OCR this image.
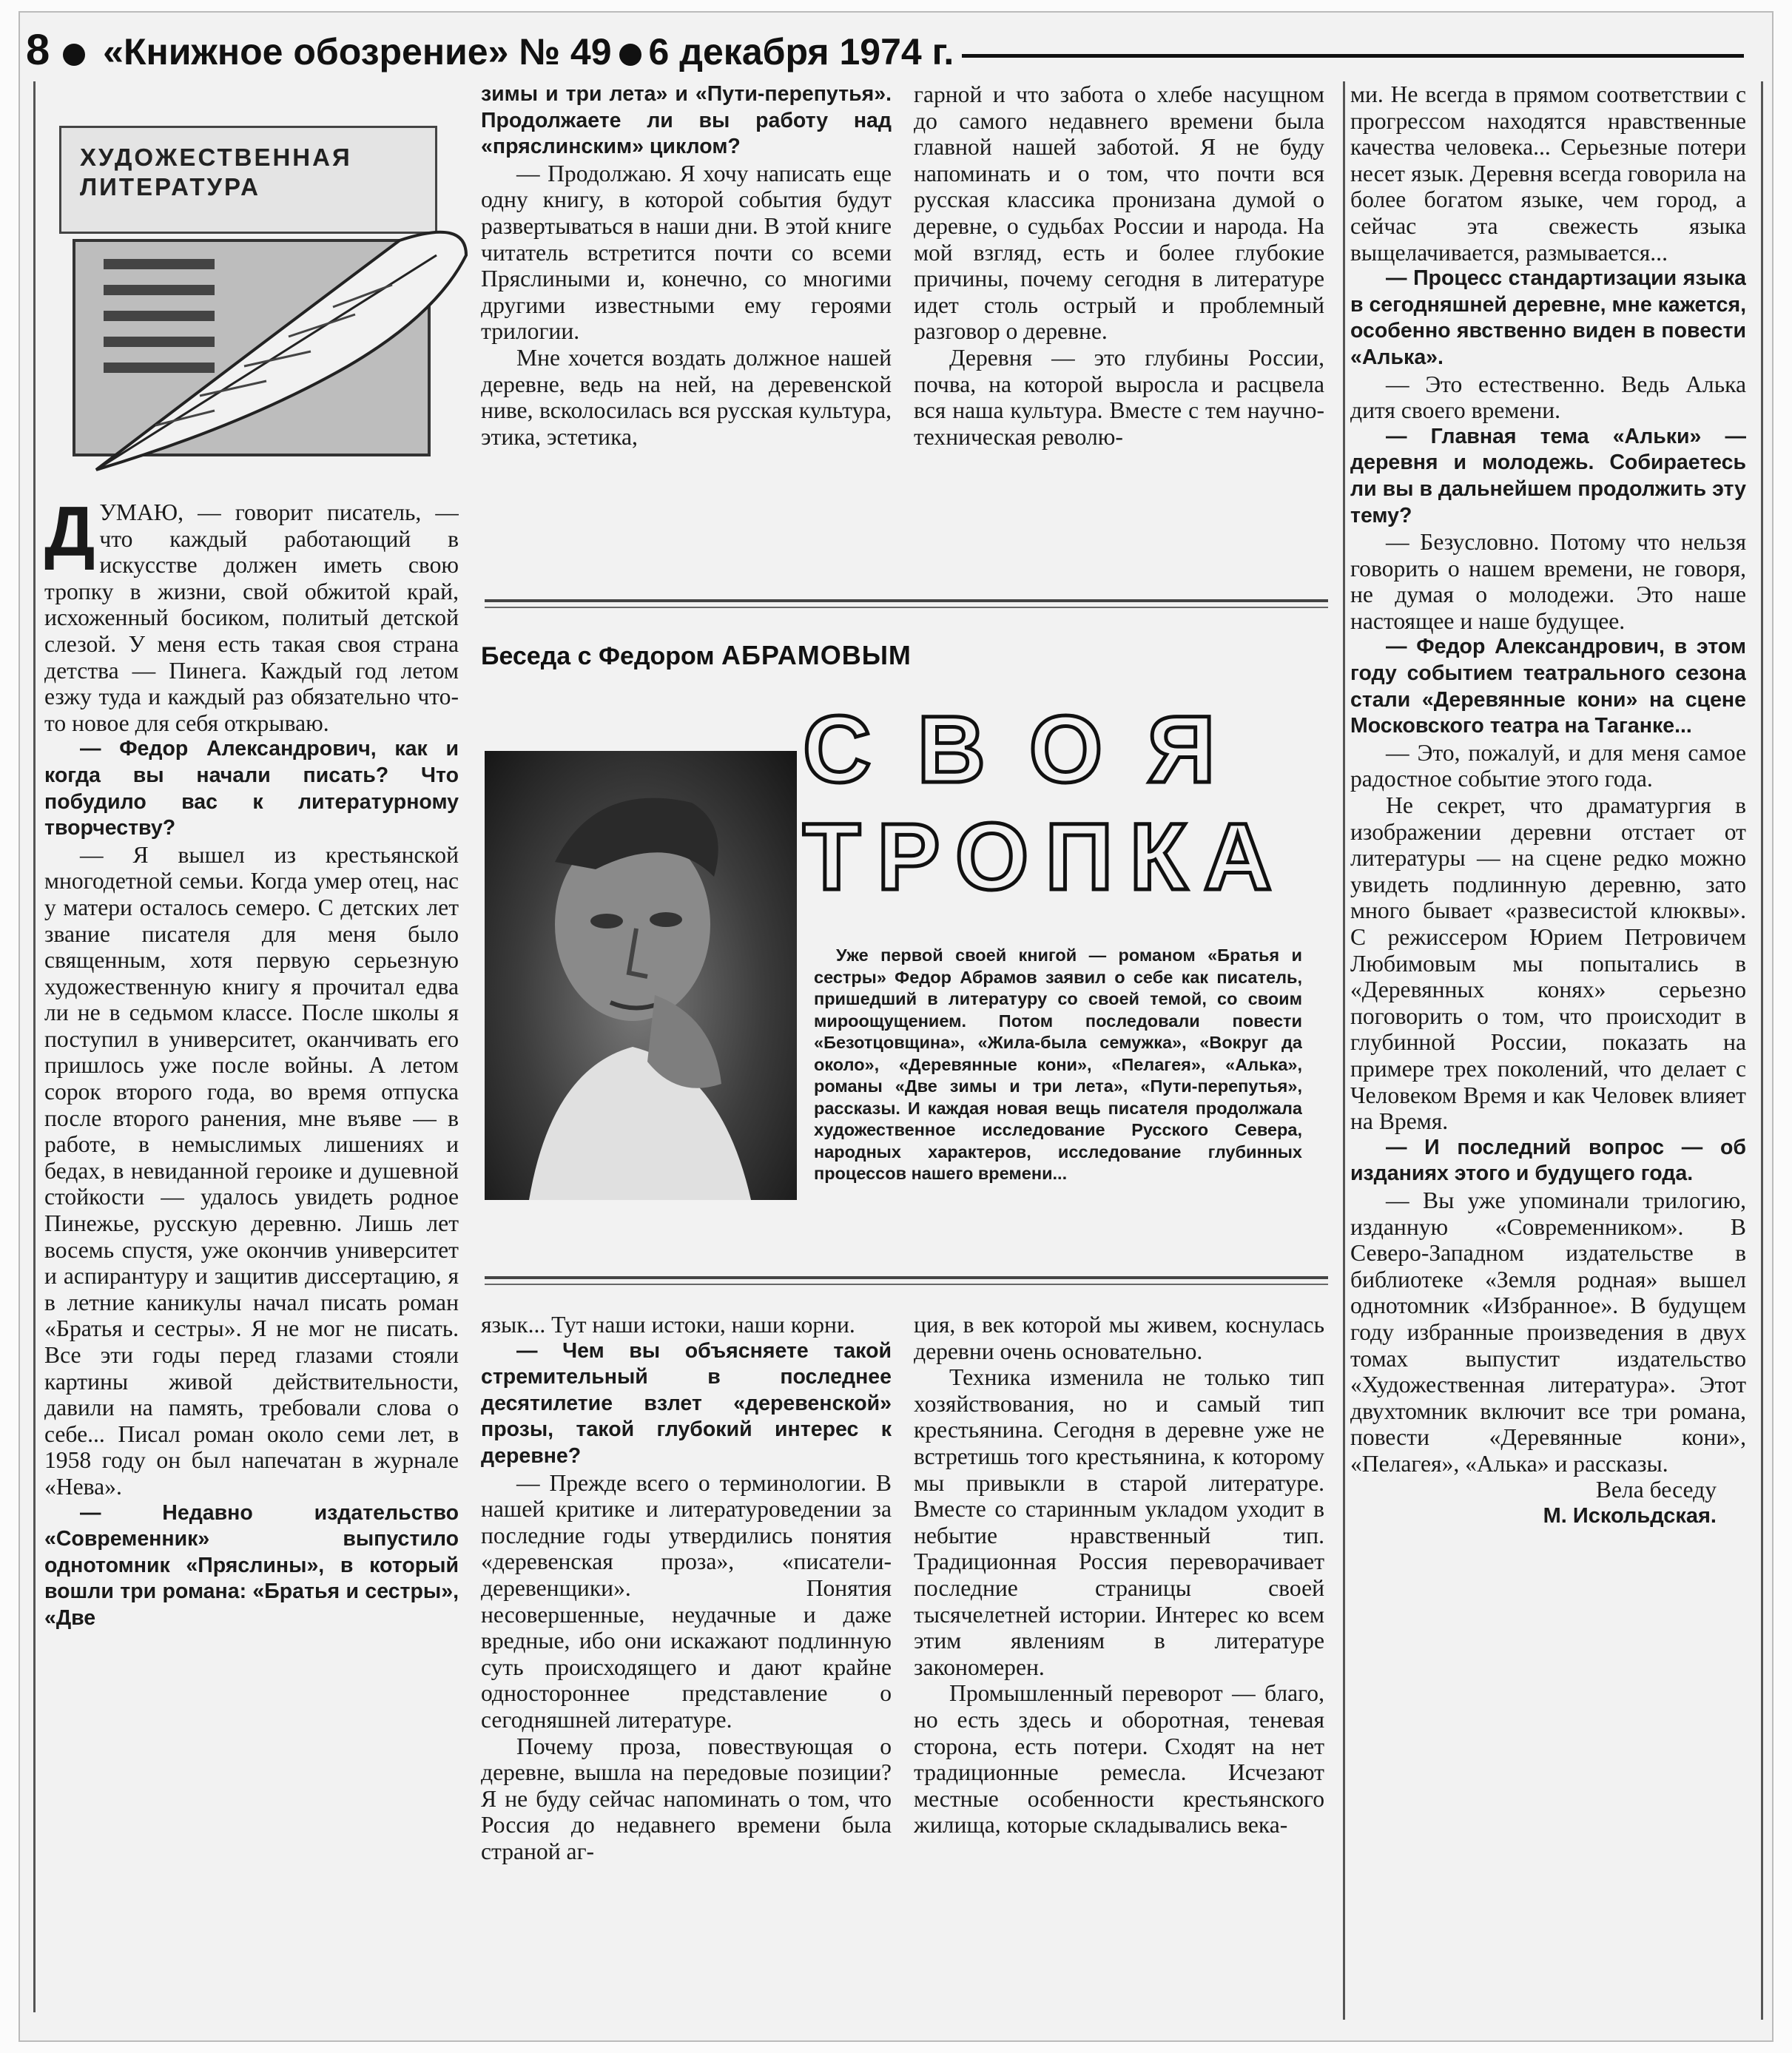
8 «Книжное обозрение» № 49 6 декабря 1974 г.
ХУДОЖЕСТВЕННАЯ ЛИТЕРАТУРА

ДУМАЮ, — говорит писатель, — что каждый работающий в искусстве должен иметь свою тропку в жизни, свой обжитой край, исхоженный босиком, политый детской слезой. У меня есть такая своя страна детства — Пинега. Каждый год летом езжу туда и каждый раз обязательно что-то новое для себя открываю.

— Федор Александрович, как и когда вы начали писать? Что побудило вас к литературному творчеству?

— Я вышел из крестьянской многодетной семьи. Когда умер отец, нас у матери осталось семеро. С детских лет звание писателя для меня было священным, хотя первую серьезную художественную книгу я прочитал едва ли не в седьмом классе. После школы я поступил в университет, оканчивать его пришлось уже после войны. А летом сорок второго года, во время отпуска после второго ранения, мне въяве — в работе, в немыслимых лишениях и бедах, в невиданной героике и душевной стойкости — удалось увидеть родное Пинежье, русскую деревню. Лишь лет восемь спустя, уже окончив университет и аспирантуру и защитив диссертацию, я в летние каникулы начал писать роман «Братья и сестры». Я не мог не писать. Все эти годы перед глазами стояли картины живой действительности, давили на память, требовали слова о себе... Писал роман около семи лет, в 1958 году он был напечатан в журнале «Нева».

— Недавно издательство «Современник» выпустило однотомник «Пряслины», в который вошли три романа: «Братья и сестры», «Две

зимы и три лета» и «Пути-перепутья». Продолжаете ли вы работу над «пряслинским» циклом?

— Продолжаю. Я хочу написать еще одну книгу, в которой события будут развертываться в наши дни. В этой книге читатель встретится почти со всеми Пряслиными и, конечно, со многими другими известными ему героями трилогии.

Мне хочется воздать должное нашей деревне, ведь на ней, на деревенской ниве, всколосилась вся русская культура, этика, эстетика,

гарной и что забота о хлебе насущном до самого недавнего времени была главной нашей заботой. Я не буду напоминать и о том, что почти вся русская классика пронизана думой о деревне, о судьбах России и народа. На мой взгляд, есть и более глубокие причины, почему сегодня в литературе идет столь острый и проблемный разговор о деревне.

Деревня — это глубины России, почва, на которой выросла и расцвела вся наша культура. Вместе с тем научно-техническая револю-

Беседа с Федором АБРАМОВЫМ
СВОЯ
ТРОПКА

Уже первой своей книгой — романом «Братья и сестры» Федор Абрамов заявил о себе как писатель, пришедший в литературу со своей темой, со своим мироощущением. Потом последовали повести «Безотцовщина», «Жила-была семужка», «Вокруг да около», «Деревянные кони», «Пелагея», «Алька», романы «Две зимы и три лета», «Пути-перепутья», рассказы. И каждая новая вещь писателя продолжала художественное исследование Русского Севера, народных характеров, исследование глубинных процессов нашего времени...

язык... Тут наши истоки, наши корни.

— Чем вы объясняете такой стремительный в последнее десятилетие взлет «деревенской» прозы, такой глубокий интерес к деревне?

— Прежде всего о терминологии. В нашей критике и литературоведении за последние годы утвердились понятия «деревенская проза», «писатели-деревенщики». Понятия несовершенные, неудачные и даже вредные, ибо они искажают подлинную суть происходящего и дают крайне одностороннее представление о сегодняшней литературе.

Почему проза, повествующая о деревне, вышла на передовые позиции? Я не буду сейчас напоминать о том, что Россия до недавнего времени была страной аг-

ция, в век которой мы живем, коснулась деревни очень основательно.

Техника изменила не только тип хозяйствования, но и самый тип крестьянина. Сегодня в деревне уже не встретишь того крестьянина, к которому мы привыкли в старой литературе. Вместе со старинным укладом уходит в небытие нравственный тип. Традиционная Россия переворачивает последние страницы своей тысячелетней истории. Интерес ко всем этим явлениям в литературе закономерен.

Промышленный переворот — благо, но есть здесь и оборотная, теневая сторона, есть потери. Сходят на нет традиционные ремесла. Исчезают местные особенности крестьянского жилища, которые складывались века-

ми. Не всегда в прямом соответствии с прогрессом находятся нравственные качества человека... Серьезные потери несет язык. Деревня всегда говорила на более богатом языке, чем город, а сейчас эта свежесть языка выщелачивается, размывается...

— Процесс стандартизации языка в сегодняшней деревне, мне кажется, особенно явственно виден в повести «Алька».

— Это естественно. Ведь Алька дитя своего времени.

— Главная тема «Альки» — деревня и молодежь. Собираетесь ли вы в дальнейшем продолжить эту тему?

— Безусловно. Потому что нельзя говорить о нашем времени, не говоря, не думая о молодежи. Это наше настоящее и наше будущее.

— Федор Александрович, в этом году событием театрального сезона стали «Деревянные кони» на сцене Московского театра на Таганке...

— Это, пожалуй, и для меня самое радостное событие этого года.

Не секрет, что драматургия в изображении деревни отстает от литературы — на сцене редко можно увидеть подлинную деревню, зато много бывает «развесистой клюквы». С режиссером Юрием Петровичем Любимовым мы попытались в «Деревянных конях» серьезно поговорить о том, что происходит в глубинной России, показать на примере трех поколений, что делает с Человеком Время и как Человек влияет на Время.

— И последний вопрос — об изданиях этого и будущего года.

— Вы уже упоминали трилогию, изданную «Современником». В Северо-Западном издательстве в библиотеке «Земля родная» вышел однотомник «Избранное». В будущем году избранные произведения в двух томах выпустит издательство «Художественная литература». Этот двухтомник включит все три романа, повести «Деревянные кони», «Пелагея», «Алька» и рассказы.

Вела беседу
М. Искольдская.
